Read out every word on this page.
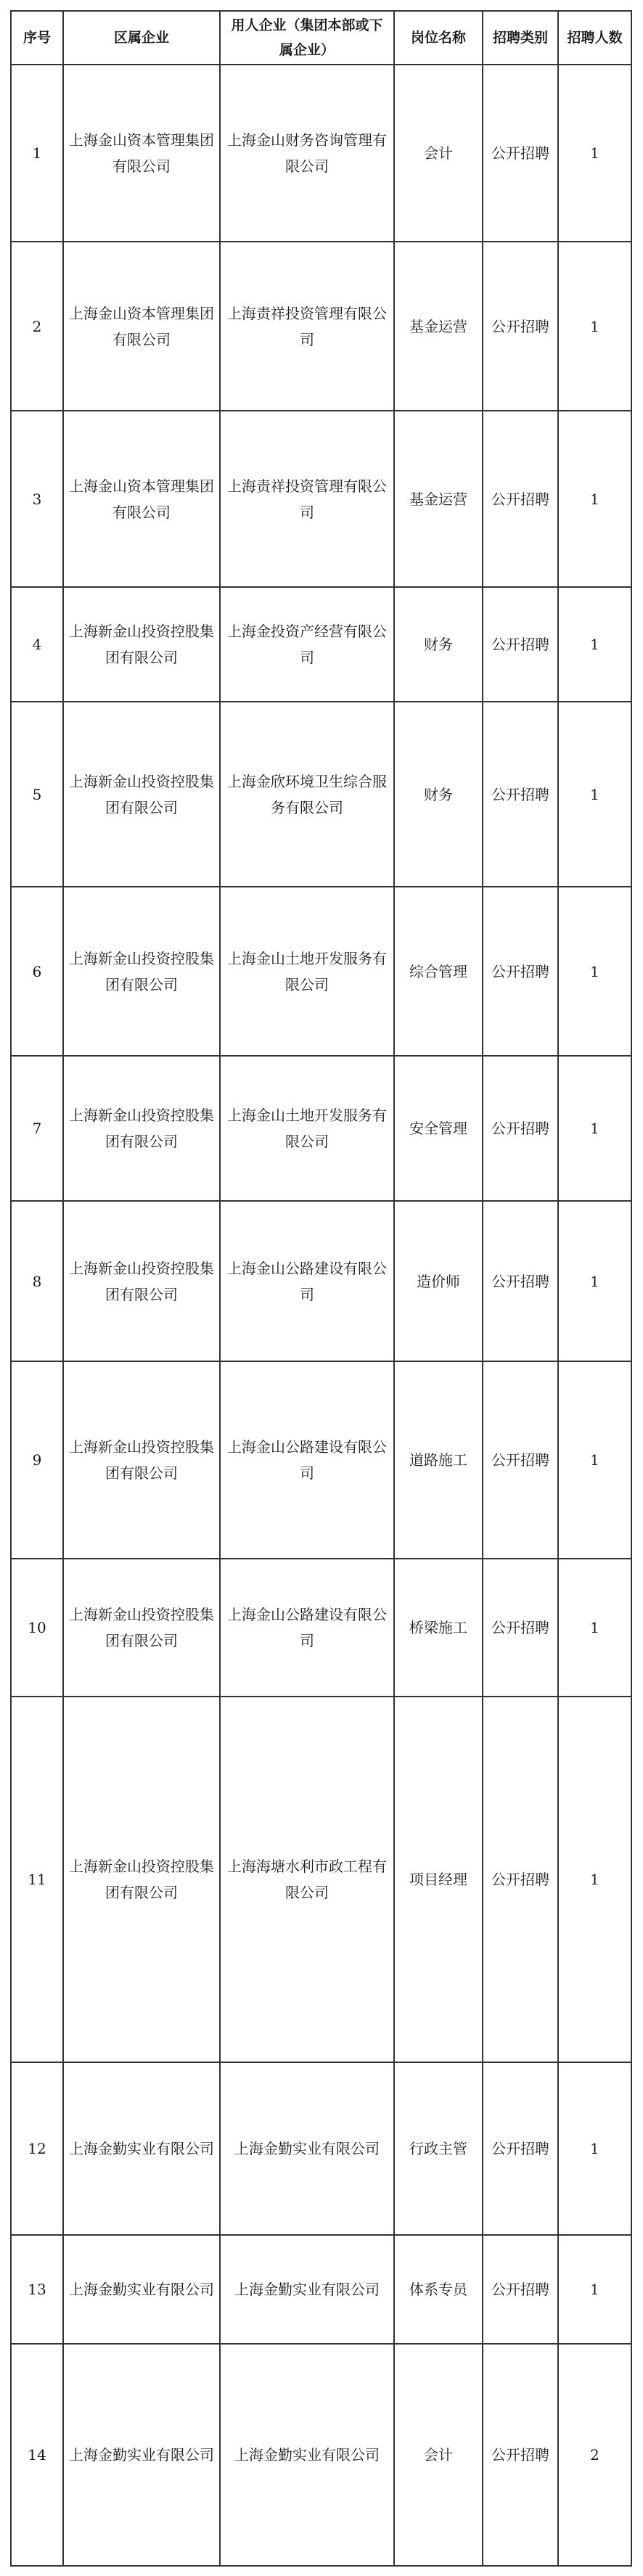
序号	区属企业	用人企业（集团本部或下属企业）	岗位名称	招聘类别	招聘人数
1	上海金山资本管理集团有限公司	上海金山财务咨询管理有限公司	会计	公开招聘	1
2	上海金山资本管理集团有限公司	上海责祥投资管理有限公司	基金运营	公开招聘	1
3	上海金山资本管理集团有限公司	上海责祥投资管理有限公司	基金运营	公开招聘	1
4	上海新金山投资控股集团有限公司	上海金投资产经营有限公司	财务	公开招聘	1
5	上海新金山投资控股集团有限公司	上海金欣环境卫生综合服务有限公司	财务	公开招聘	1
6	上海新金山投资控股集团有限公司	上海金山土地开发服务有限公司	综合管理	公开招聘	1
7	上海新金山投资控股集团有限公司	上海金山土地开发服务有限公司	安全管理	公开招聘	1
8	上海新金山投资控股集团有限公司	上海金山公路建设有限公司	造价师	公开招聘	1
9	上海新金山投资控股集团有限公司	上海金山公路建设有限公司	道路施工	公开招聘	1
10	上海新金山投资控股集团有限公司	上海金山公路建设有限公司	桥梁施工	公开招聘	1
11	上海新金山投资控股集团有限公司	上海海塘水利市政工程有限公司	项目经理	公开招聘	1
12	上海金勤实业有限公司	上海金勤实业有限公司	行政主管	公开招聘	1
13	上海金勤实业有限公司	上海金勤实业有限公司	体系专员	公开招聘	1
14	上海金勤实业有限公司	上海金勤实业有限公司	会计	公开招聘	2
